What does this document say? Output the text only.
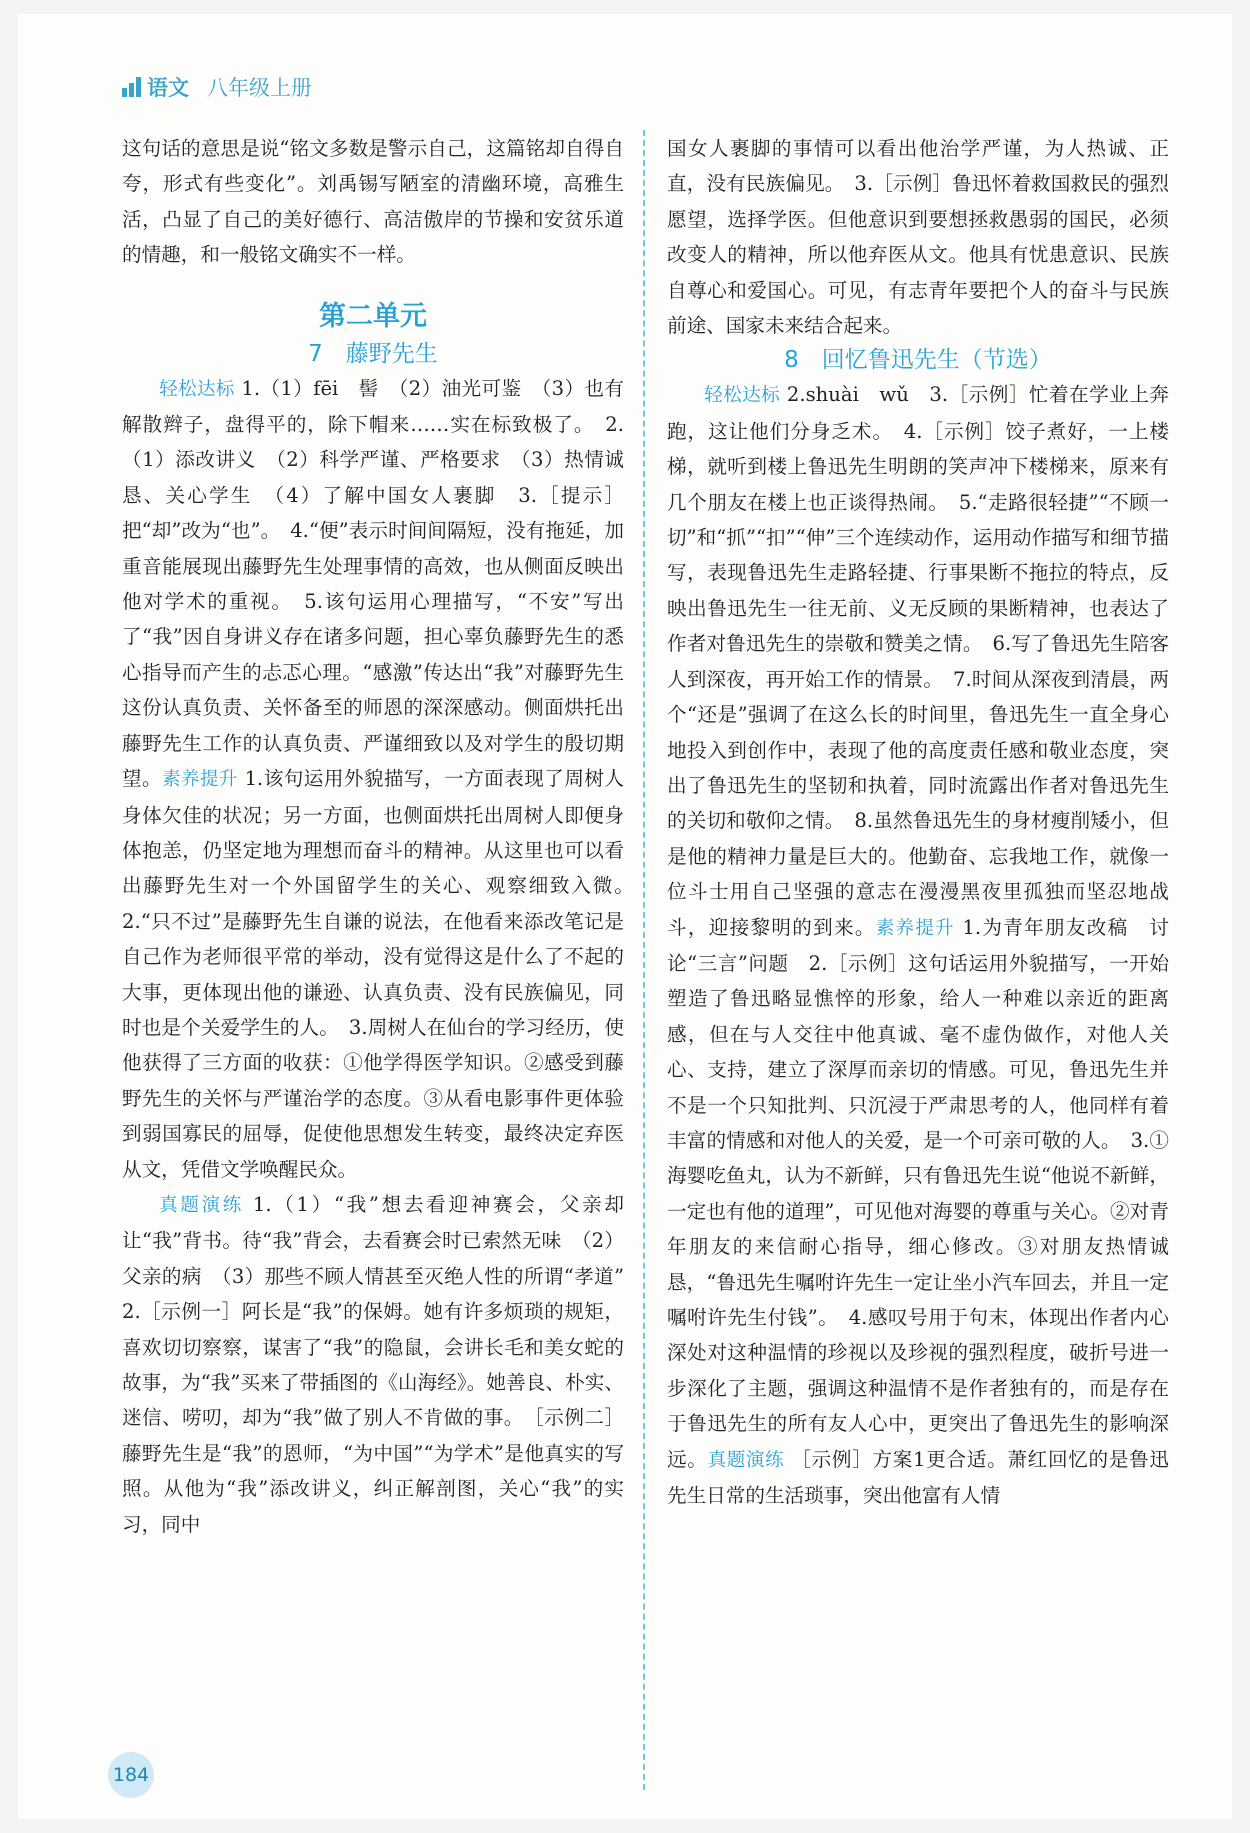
语文 八年级上册

这句话的意思是说“铭文多数是警示自己，这篇铭却自得自夸，形式有些变化”。刘禹锡写陋室的清幽环境，高雅生活，凸显了自己的美好德行、高洁傲岸的节操和安贫乐道的情趣，和一般铭文确实不一样。

第二单元
7　藤野先生

轻松达标 1.（1）fēi　髻　（2）油光可鉴　（3）也有解散辫子，盘得平的，除下帽来……实在标致极了。　2.（1）添改讲义　（2）科学严谨、严格要求　（3）热情诚恳、关心学生　（4）了解中国女人裹脚　3.［提示］把“却”改为“也”。　4.“便”表示时间间隔短，没有拖延，加重音能展现出藤野先生处理事情的高效，也从侧面反映出他对学术的重视。　5.该句运用心理描写，“不安”写出了“我”因自身讲义存在诸多问题，担心辜负藤野先生的悉心指导而产生的忐忑心理。“感激”传达出“我”对藤野先生这份认真负责、关怀备至的师恩的深深感动。侧面烘托出藤野先生工作的认真负责、严谨细致以及对学生的殷切期望。素养提升 1.该句运用外貌描写，一方面表现了周树人身体欠佳的状况；另一方面，也侧面烘托出周树人即便身体抱恙，仍坚定地为理想而奋斗的精神。从这里也可以看出藤野先生对一个外国留学生的关心、观察细致入微。　2.“只不过”是藤野先生自谦的说法，在他看来添改笔记是自己作为老师很平常的举动，没有觉得这是什么了不起的大事，更体现出他的谦逊、认真负责、没有民族偏见，同时也是个关爱学生的人。　3.周树人在仙台的学习经历，使他获得了三方面的收获：①他学得医学知识。②感受到藤野先生的关怀与严谨治学的态度。③从看电影事件更体验到弱国寡民的屈辱，促使他思想发生转变，最终决定弃医从文，凭借文学唤醒民众。

真题演练 1.（1）“我”想去看迎神赛会，父亲却让“我”背书。待“我”背会，去看赛会时已索然无味　（2）父亲的病　（3）那些不顾人情甚至灭绝人性的所谓“孝道”　2.［示例一］阿长是“我”的保姆。她有许多烦琐的规矩，喜欢切切察察，谋害了“我”的隐鼠，会讲长毛和美女蛇的故事，为“我”买来了带插图的《山海经》。她善良、朴实、迷信、唠叨，却为“我”做了别人不肯做的事。　［示例二］藤野先生是“我”的恩师，“为中国”“为学术”是他真实的写照。从他为“我”添改讲义，纠正解剖图，关心“我”的实习，同中

国女人裹脚的事情可以看出他治学严谨，为人热诚、正直，没有民族偏见。　3.［示例］鲁迅怀着救国救民的强烈愿望，选择学医。但他意识到要想拯救愚弱的国民，必须改变人的精神，所以他弃医从文。他具有忧患意识、民族自尊心和爱国心。可见，有志青年要把个人的奋斗与民族前途、国家未来结合起来。

8　回忆鲁迅先生（节选）

轻松达标 2.shuài　wǔ　3.［示例］忙着在学业上奔跑，这让他们分身乏术。　4.［示例］饺子煮好，一上楼梯，就听到楼上鲁迅先生明朗的笑声冲下楼梯来，原来有几个朋友在楼上也正谈得热闹。　5.“走路很轻捷”“不顾一切”和“抓”“扣”“伸”三个连续动作，运用动作描写和细节描写，表现鲁迅先生走路轻捷、行事果断不拖拉的特点，反映出鲁迅先生一往无前、义无反顾的果断精神，也表达了作者对鲁迅先生的崇敬和赞美之情。　6.写了鲁迅先生陪客人到深夜，再开始工作的情景。　7.时间从深夜到清晨，两个“还是”强调了在这么长的时间里，鲁迅先生一直全身心地投入到创作中，表现了他的高度责任感和敬业态度，突出了鲁迅先生的坚韧和执着，同时流露出作者对鲁迅先生的关切和敬仰之情。　8.虽然鲁迅先生的身材瘦削矮小，但是他的精神力量是巨大的。他勤奋、忘我地工作，就像一位斗士用自己坚强的意志在漫漫黑夜里孤独而坚忍地战斗，迎接黎明的到来。素养提升 1.为青年朋友改稿　讨论“三言”问题　2.［示例］这句话运用外貌描写，一开始塑造了鲁迅略显憔悴的形象，给人一种难以亲近的距离感，但在与人交往中他真诚、毫不虚伪做作，对他人关心、支持，建立了深厚而亲切的情感。可见，鲁迅先生并不是一个只知批判、只沉浸于严肃思考的人，他同样有着丰富的情感和对他人的关爱，是一个可亲可敬的人。　3.①海婴吃鱼丸，认为不新鲜，只有鲁迅先生说“他说不新鲜，一定也有他的道理”，可见他对海婴的尊重与关心。②对青年朋友的来信耐心指导，细心修改。③对朋友热情诚恳，“鲁迅先生嘱咐许先生一定让坐小汽车回去，并且一定嘱咐许先生付钱”。　4.感叹号用于句末，体现出作者内心深处对这种温情的珍视以及珍视的强烈程度，破折号进一步深化了主题，强调这种温情不是作者独有的，而是存在于鲁迅先生的所有友人心中，更突出了鲁迅先生的影响深远。真题演练 ［示例］方案1更合适。萧红回忆的是鲁迅先生日常的生活琐事，突出他富有人情

184
